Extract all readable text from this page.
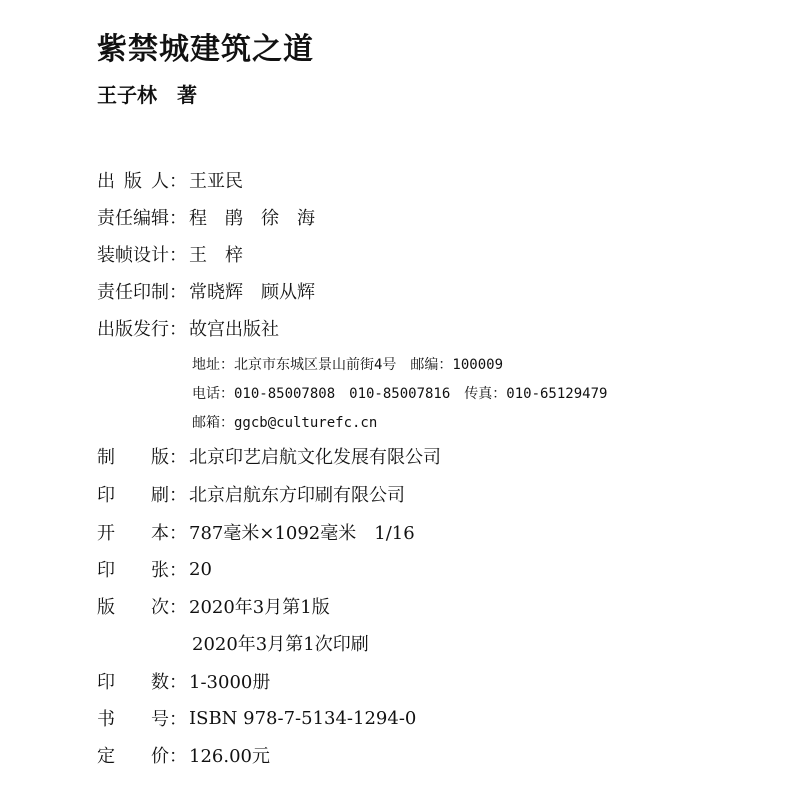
紫禁城建筑之道
王子林　著
出 版 人 ： 王亚民
责 任 编 辑 ： 程　鹃　徐　海
装 帧 设 计 ： 王　梓
责 任 印 制 ： 常晓辉　顾从辉
出 版 发 行 ： 故宫出版社
地址：北京市东城区景山前街4号　邮编：100009
电话：010-85007808　010-85007816　传真：010-65129479
邮箱：ggcb@culturefc.cn
制 版 ： 北京印艺启航文化发展有限公司
印 刷 ： 北京启航东方印刷有限公司
开 本 ： 787毫米×1092毫米　1/16
印 张 ： 20
版 次 ： 2020年3月第1版
2020年3月第1次印刷
印 数 ： 1-3000册
书 号 ： ISBN 978-7-5134-1294-0
定 价 ： 126.00元
